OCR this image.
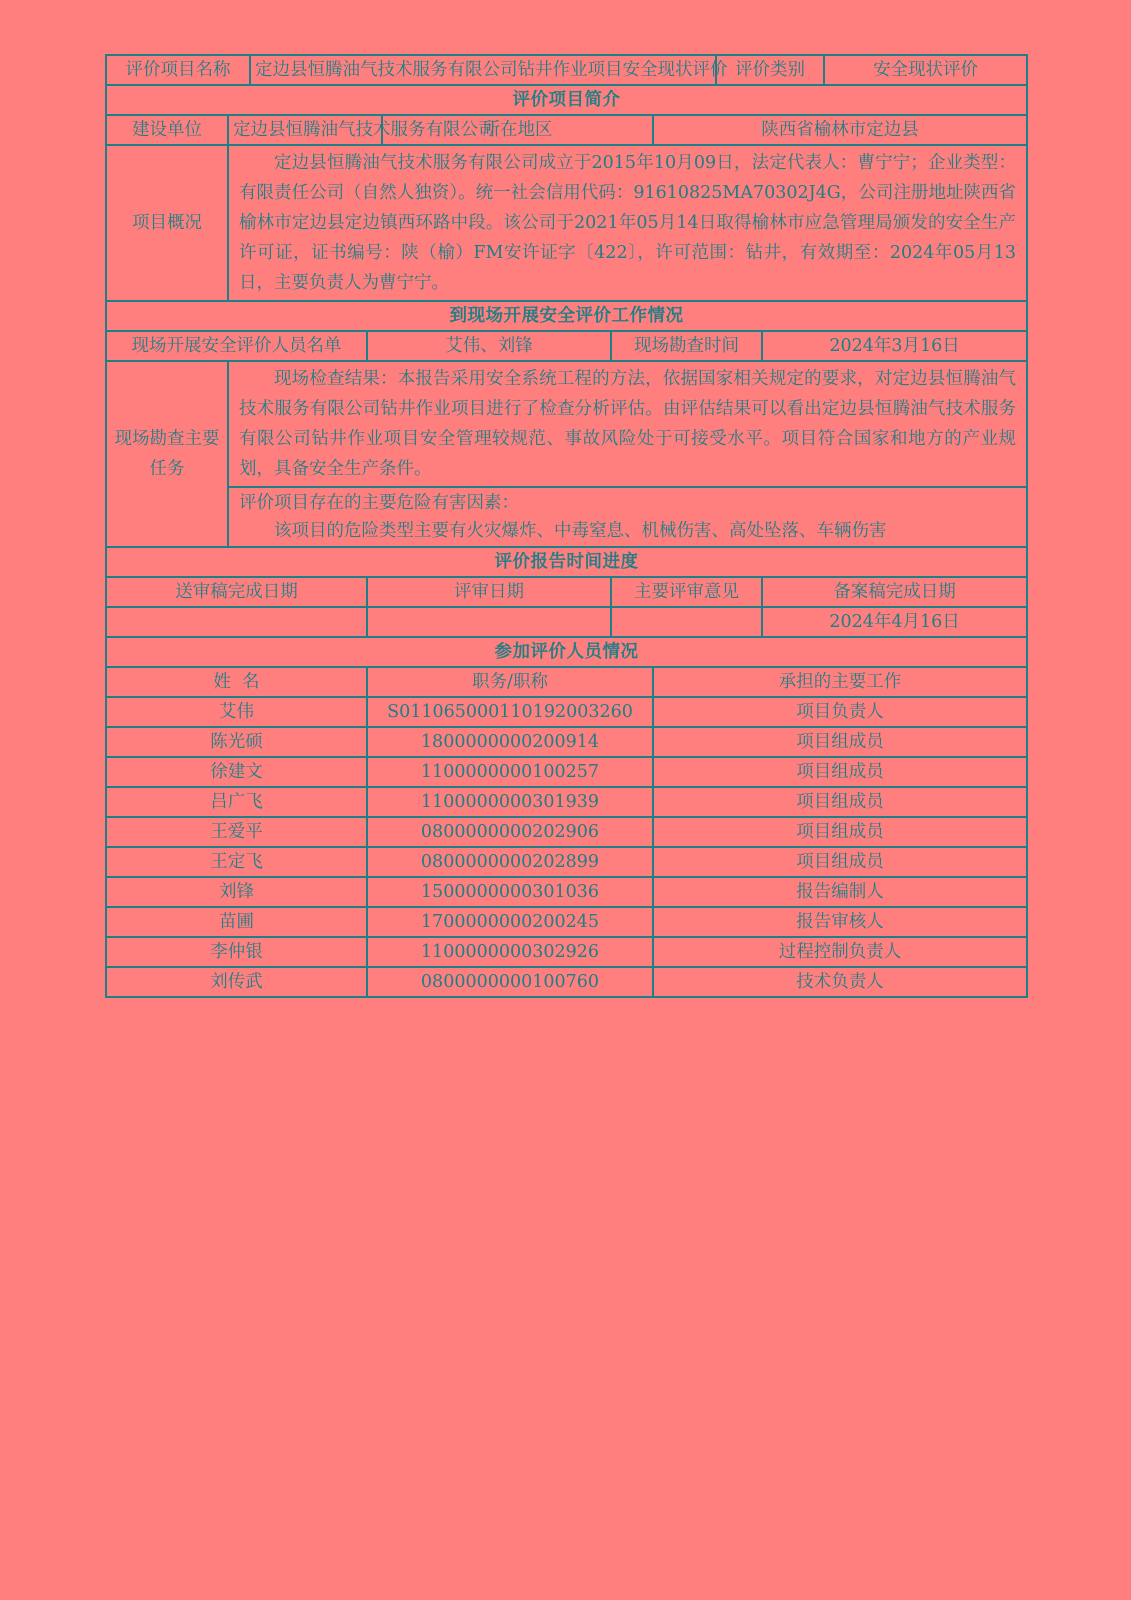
评价项目名称		定边县恒腾油气技术服务有限公司钻井作业项目安全现状评价					评价类别		安全现状评价
评价项目简介									
建设单位	定边县恒腾油气技术服务有限公司			所在地区		陕西省榆林市定边县			
项目概况	定边县恒腾油气技术服务有限公司成立于2015年10月09日，法定代表人：曹宁宁；企业类型：有限责任公司（自然人独资）。统一社会信用代码：91610825MA70302J4G，公司注册地址陕西省榆林市定边县定边镇西环路中段。该公司于2021年05月14日取得榆林市应急管理局颁发的安全生产许可证，证书编号：陕（榆）FM安许证字〔422〕，许可范围：钻井，有效期至：2024年05月13日，主要负责人为曹宁宁。								

到现场开展安全评价工作情况									
现场开展安全评价人员名单			艾伟、刘锋		现场勘查时间			2024年3月16日	
现场勘查主要任务	现场检查结果：本报告采用安全系统工程的方法，依据国家相关规定的要求，对定边县恒腾油气技术服务有限公司钻井作业项目进行了检查分析评估。由评估结果可以看出定边县恒腾油气技术服务有限公司钻井作业项目安全管理较规范、事故风险处于可接受水平。项目符合国家和地方的产业规划，具备安全生产条件。								

	评价项目存在的主要危险有害因素：
该项目的危险类型主要有火灾爆炸、中毒窒息、机械伤害、高处坠落、车辆伤害								

评价报告时间进度									
送审稿完成日期			评审日期		主要评审意见			备案稿完成日期	
								2024年4月16日	
参加评价人员情况									
姓  名			职务/职称			承担的主要工作			
艾伟			S011065000110192003260			项目负责人			
陈光硕			1800000000200914			项目组成员			
徐建文			1100000000100257			项目组成员			
吕广飞			1100000000301939			项目组成员			
王爱平			0800000000202906			项目组成员			
王定飞			0800000000202899			项目组成员			
刘锋			1500000000301036			报告编制人			
苗圃			1700000000200245			报告审核人			
李仲银			1100000000302926			过程控制负责人			
刘传武			0800000000100760			技术负责人			
